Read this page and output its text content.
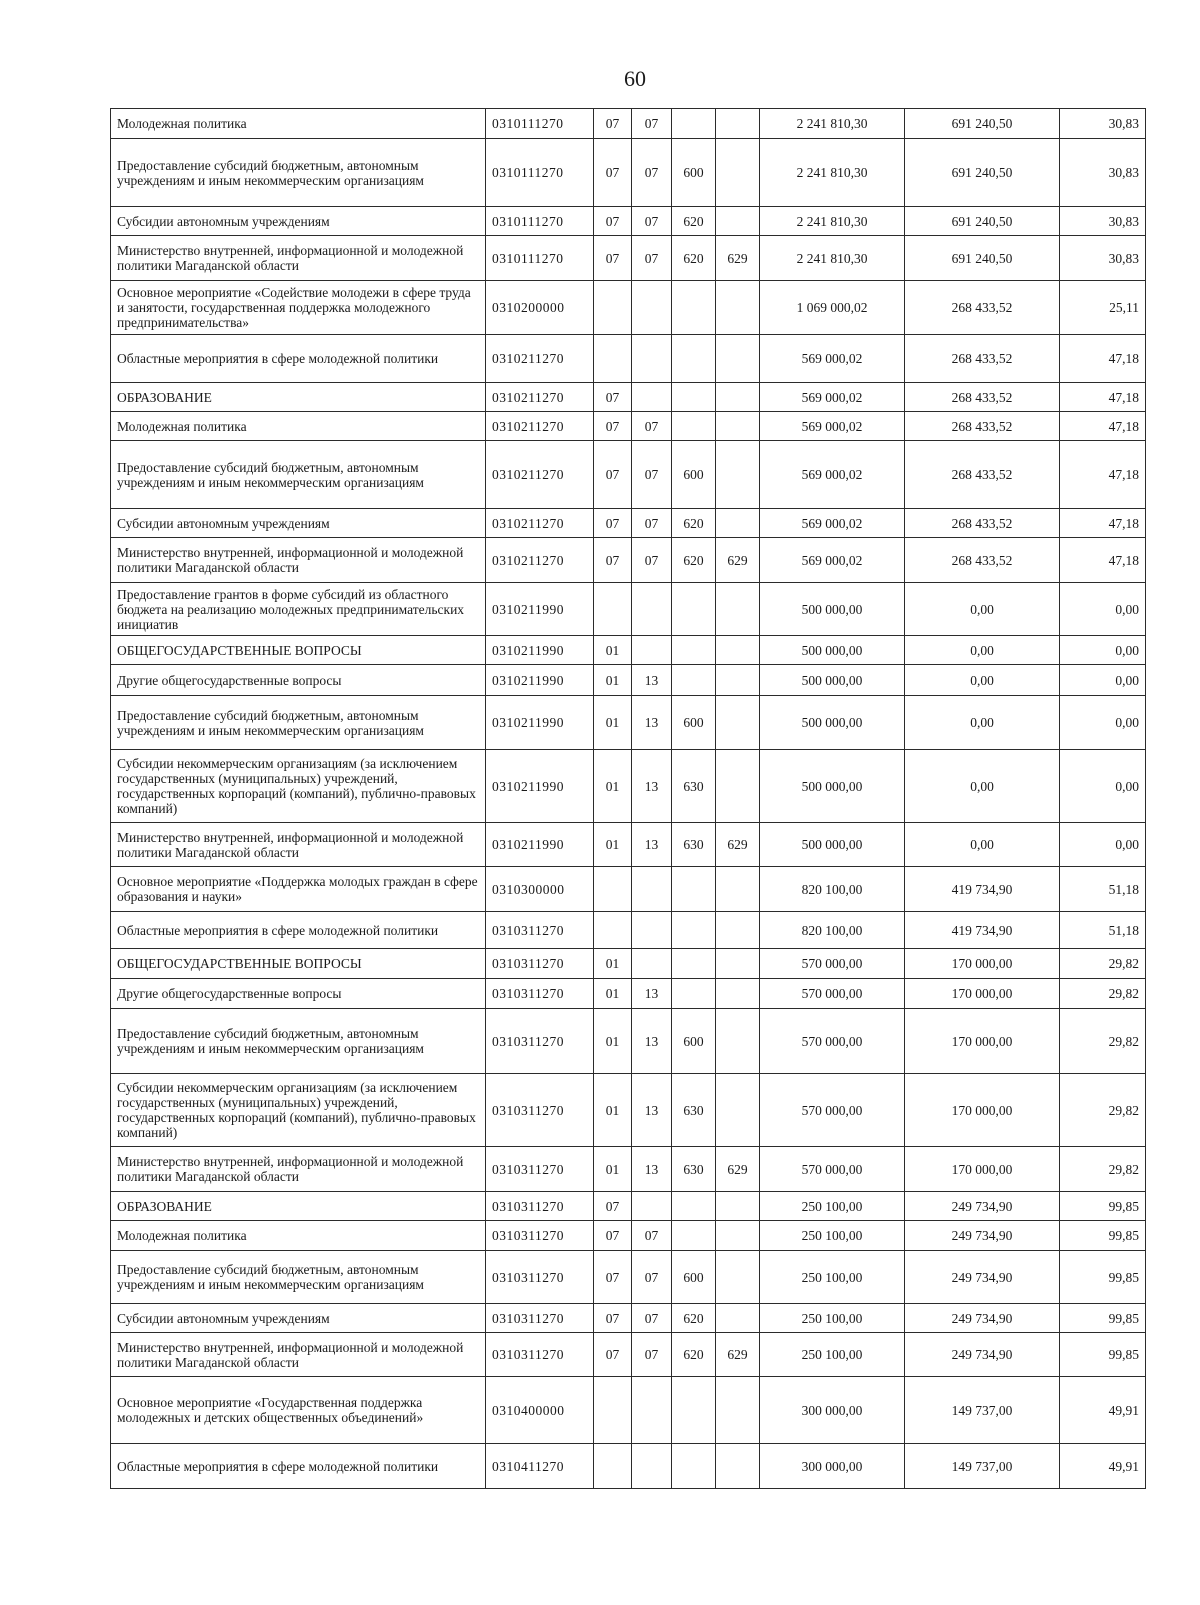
60
Молодежная политика	0310111270	07	07			2 241 810,30	691 240,50	30,83
Предоставление субсидий бюджетным, автономным учреждениям и иным некоммерческим организациям	0310111270	07	07	600		2 241 810,30	691 240,50	30,83
Субсидии автономным учреждениям	0310111270	07	07	620		2 241 810,30	691 240,50	30,83
Министерство внутренней, информационной и молодежной политики Магаданской области	0310111270	07	07	620	629	2 241 810,30	691 240,50	30,83
Основное мероприятие «Содействие молодежи в сфере труда и занятости, государственная поддержка молодежного предпринимательства»	0310200000					1 069 000,02	268 433,52	25,11
Областные мероприятия в сфере молодежной политики	0310211270					569 000,02	268 433,52	47,18
ОБРАЗОВАНИЕ	0310211270	07				569 000,02	268 433,52	47,18
Молодежная политика	0310211270	07	07			569 000,02	268 433,52	47,18
Предоставление субсидий бюджетным, автономным учреждениям и иным некоммерческим организациям	0310211270	07	07	600		569 000,02	268 433,52	47,18
Субсидии автономным учреждениям	0310211270	07	07	620		569 000,02	268 433,52	47,18
Министерство внутренней, информационной и молодежной политики Магаданской области	0310211270	07	07	620	629	569 000,02	268 433,52	47,18
Предоставление грантов в форме субсидий из областного бюджета на реализацию молодежных предпринимательских инициатив	0310211990					500 000,00	0,00	0,00
ОБЩЕГОСУДАРСТВЕННЫЕ ВОПРОСЫ	0310211990	01				500 000,00	0,00	0,00
Другие общегосударственные вопросы	0310211990	01	13			500 000,00	0,00	0,00
Предоставление субсидий бюджетным, автономным учреждениям и иным некоммерческим организациям	0310211990	01	13	600		500 000,00	0,00	0,00
Субсидии некоммерческим организациям (за исключением государственных (муниципальных) учреждений, государственных корпораций (компаний), публично-правовых компаний)	0310211990	01	13	630		500 000,00	0,00	0,00
Министерство внутренней, информационной и молодежной политики Магаданской области	0310211990	01	13	630	629	500 000,00	0,00	0,00
Основное мероприятие «Поддержка молодых граждан в сфере образования и науки»	0310300000					820 100,00	419 734,90	51,18
Областные мероприятия в сфере молодежной политики	0310311270					820 100,00	419 734,90	51,18
ОБЩЕГОСУДАРСТВЕННЫЕ ВОПРОСЫ	0310311270	01				570 000,00	170 000,00	29,82
Другие общегосударственные вопросы	0310311270	01	13			570 000,00	170 000,00	29,82
Предоставление субсидий бюджетным, автономным учреждениям и иным некоммерческим организациям	0310311270	01	13	600		570 000,00	170 000,00	29,82
Субсидии некоммерческим организациям (за исключением государственных (муниципальных) учреждений, государственных корпораций (компаний), публично-правовых компаний)	0310311270	01	13	630		570 000,00	170 000,00	29,82
Министерство внутренней, информационной и молодежной политики Магаданской области	0310311270	01	13	630	629	570 000,00	170 000,00	29,82
ОБРАЗОВАНИЕ	0310311270	07				250 100,00	249 734,90	99,85
Молодежная политика	0310311270	07	07			250 100,00	249 734,90	99,85
Предоставление субсидий бюджетным, автономным учреждениям и иным некоммерческим организациям	0310311270	07	07	600		250 100,00	249 734,90	99,85
Субсидии автономным учреждениям	0310311270	07	07	620		250 100,00	249 734,90	99,85
Министерство внутренней, информационной и молодежной политики Магаданской области	0310311270	07	07	620	629	250 100,00	249 734,90	99,85
Основное мероприятие «Государственная поддержка молодежных и детских общественных объединений»	0310400000					300 000,00	149 737,00	49,91
Областные мероприятия в сфере молодежной политики	0310411270					300 000,00	149 737,00	49,91
